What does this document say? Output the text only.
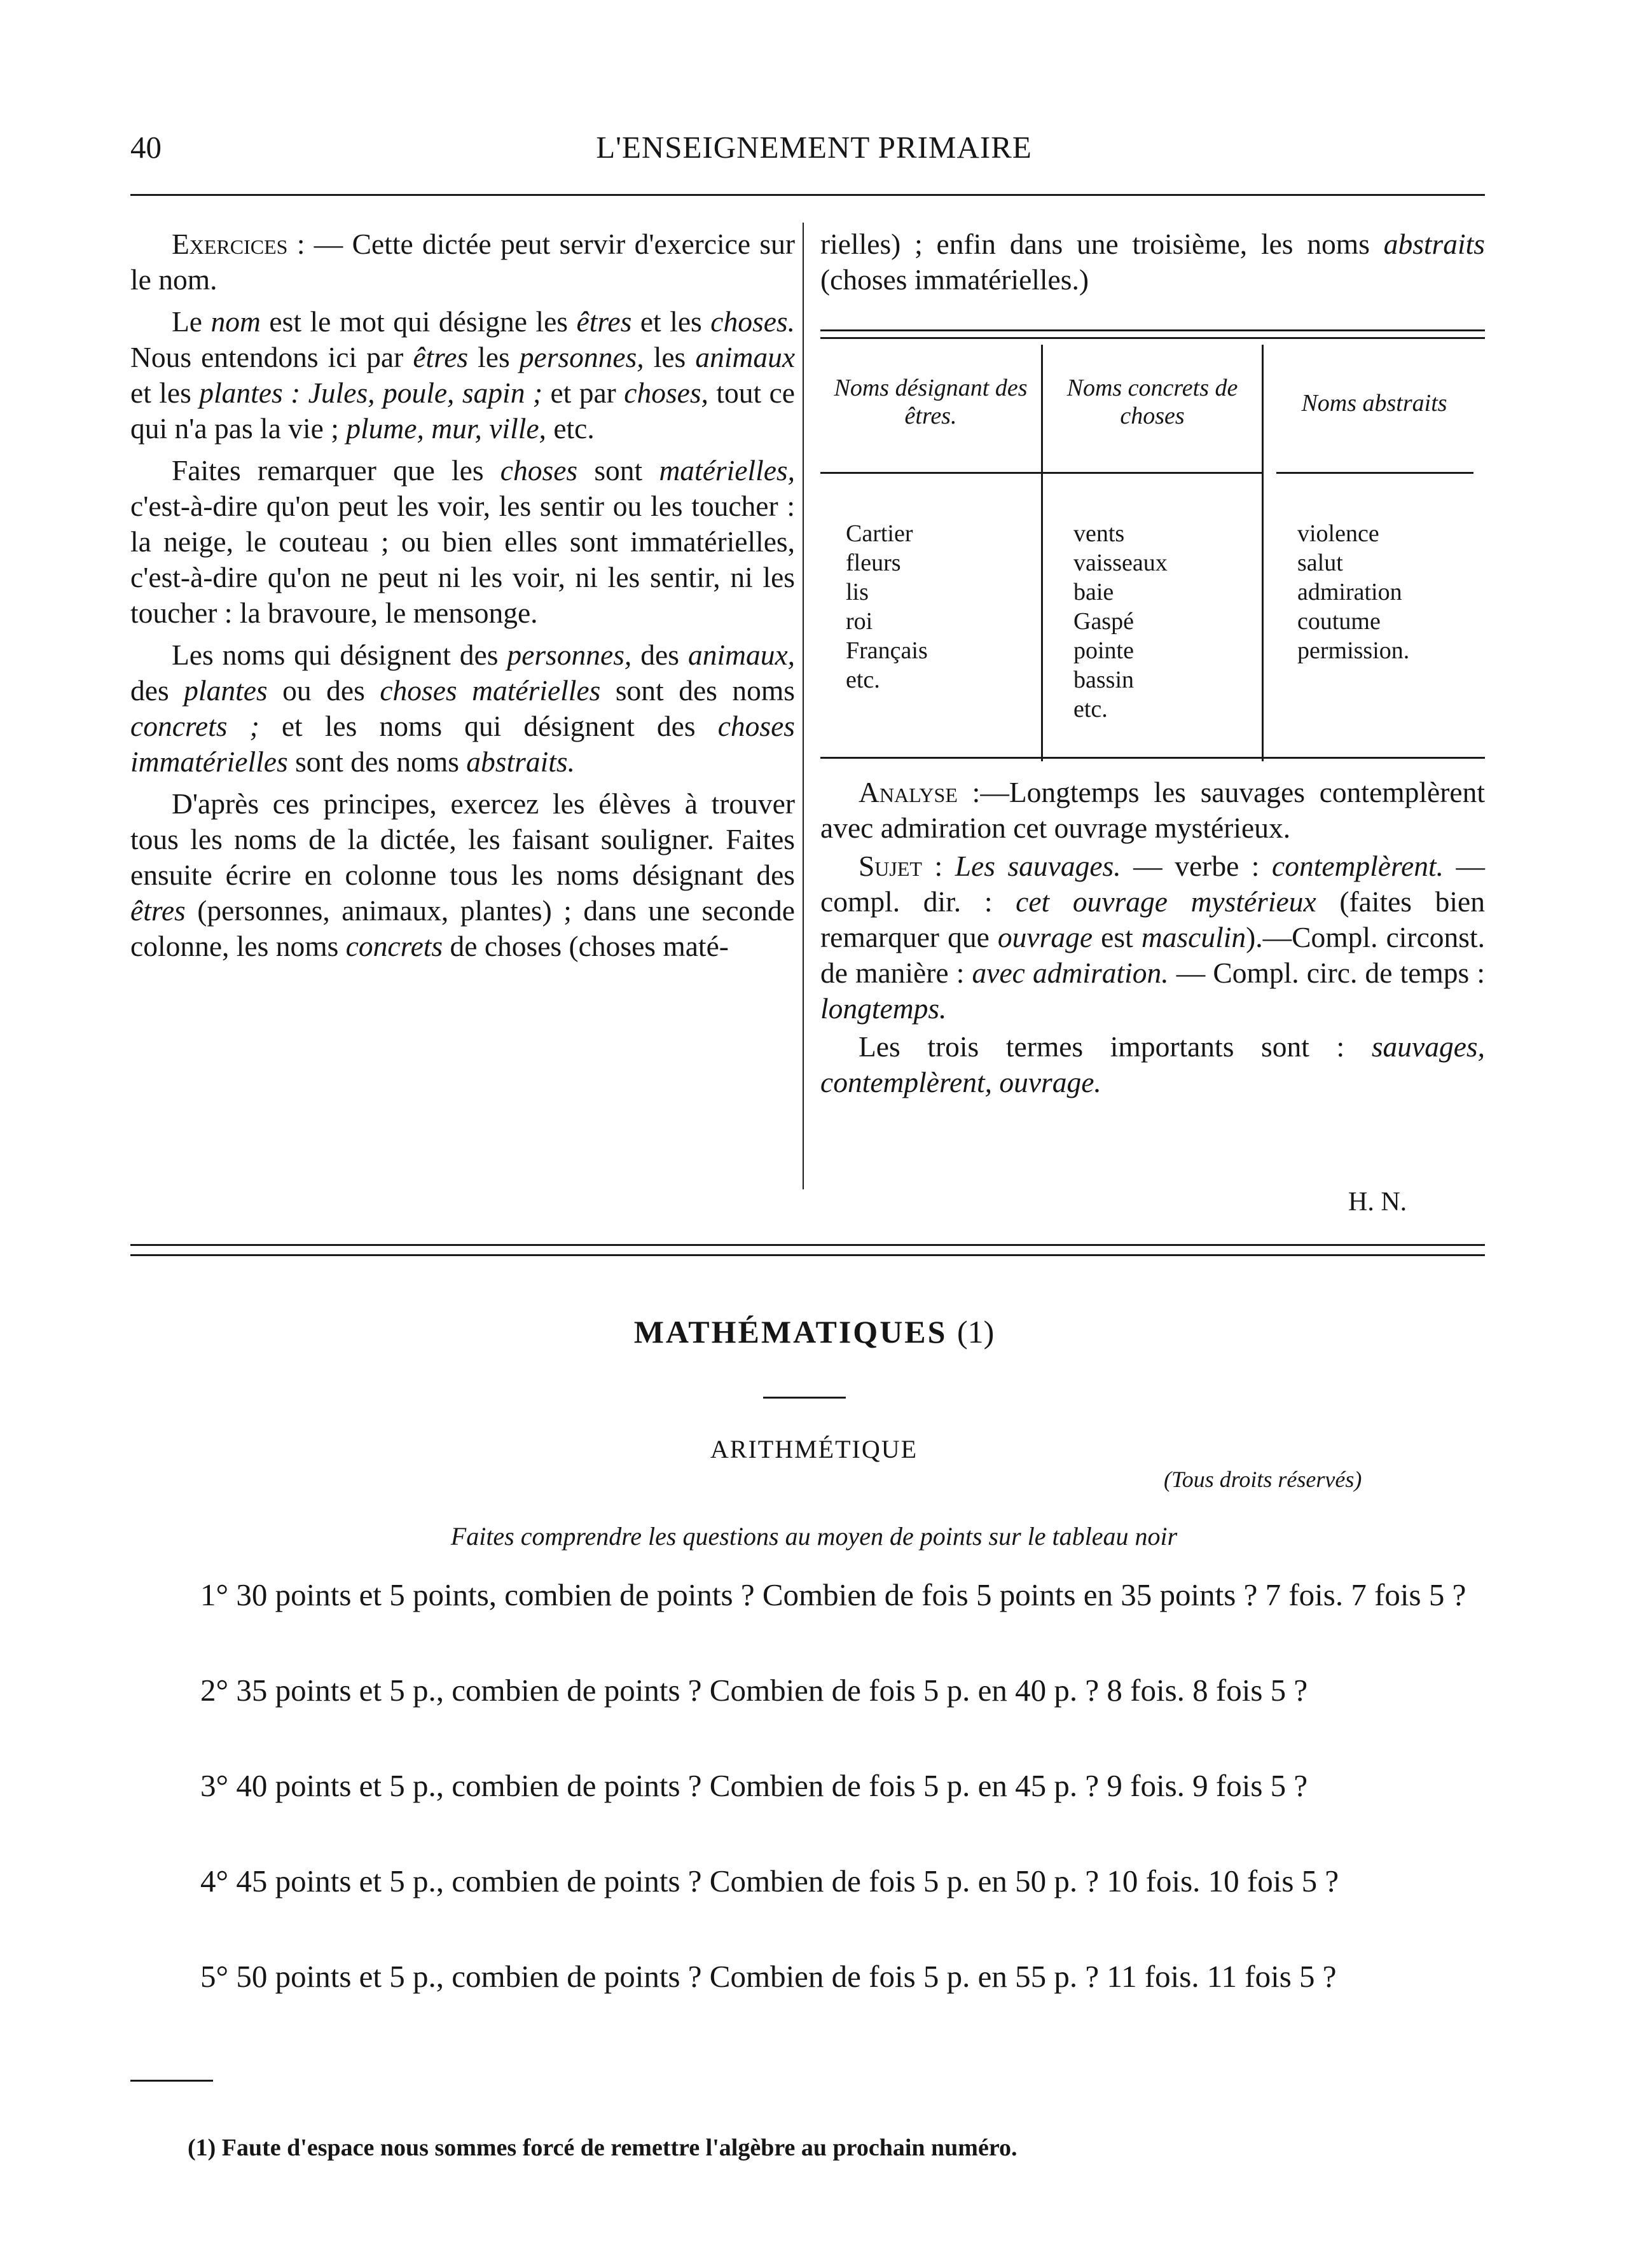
40	L'ENSEIGNEMENT PRIMAIRE

Exercices : — Cette dictée peut servir d'exercice sur le nom.

Le nom est le mot qui désigne les êtres et les choses. Nous entendons ici par êtres les personnes, les animaux et les plantes : Jules, poule, sapin ; et par choses, tout ce qui n'a pas la vie ; plume, mur, ville, etc.

Faites remarquer que les choses sont matérielles, c'est-à-dire qu'on peut les voir, les sentir ou les toucher : la neige, le couteau ; ou bien elles sont immatérielles, c'est-à-dire qu'on ne peut ni les voir, ni les sentir, ni les toucher : la bravoure, le mensonge.

Les noms qui désignent des personnes, des animaux, des plantes ou des choses matérielles sont des noms concrets ; et les noms qui désignent des choses immatérielles sont des noms abstraits.

D'après ces principes, exercez les élèves à trouver tous les noms de la dictée, les faisant souligner. Faites ensuite écrire en colonne tous les noms désignant des êtres (personnes, animaux, plantes) ; dans une seconde colonne, les noms concrets de choses (choses maté-

rielles) ; enfin dans une troisième, les noms abstraits (choses immatérielles.)

Noms désignant des êtres.
Noms concrets de choses	Noms abstraits
Cartier
fleurs
lis
roi
Français
etc.
vents
vaisseaux
baie
Gaspé
pointe
bassin
etc.
violence
salut
admiration
coutume
permission.

Analyse :—Longtemps les sauvages contemplèrent avec admiration cet ouvrage mystérieux.

Sujet : Les sauvages. — verbe : contemplèrent. — compl. dir. : cet ouvrage mystérieux (faites bien remarquer que ouvrage est masculin).—Compl. circonst. de manière : avec admiration. — Compl. circ. de temps : longtemps.

Les trois termes importants sont : sauvages, contemplèrent, ouvrage.

H. N.
MATHÉMATIQUES (1)
ARITHMÉTIQUE
(Tous droits réservés)
Faites comprendre les questions au moyen de points sur le tableau noir
1° 30 points et 5 points, combien de points ? Combien de fois 5 points en 35 points ? 7 fois. 7 fois 5 ?
2° 35 points et 5 p., combien de points ? Combien de fois 5 p. en 40 p. ? 8 fois. 8 fois 5 ?
3° 40 points et 5 p., combien de points ? Combien de fois 5 p. en 45 p. ? 9 fois. 9 fois 5 ?
4° 45 points et 5 p., combien de points ? Combien de fois 5 p. en 50 p. ? 10 fois. 10 fois 5 ?
5° 50 points et 5 p., combien de points ? Combien de fois 5 p. en 55 p. ? 11 fois. 11 fois 5 ?
(1) Faute d'espace nous sommes forcé de remettre l'algèbre au prochain numéro.
